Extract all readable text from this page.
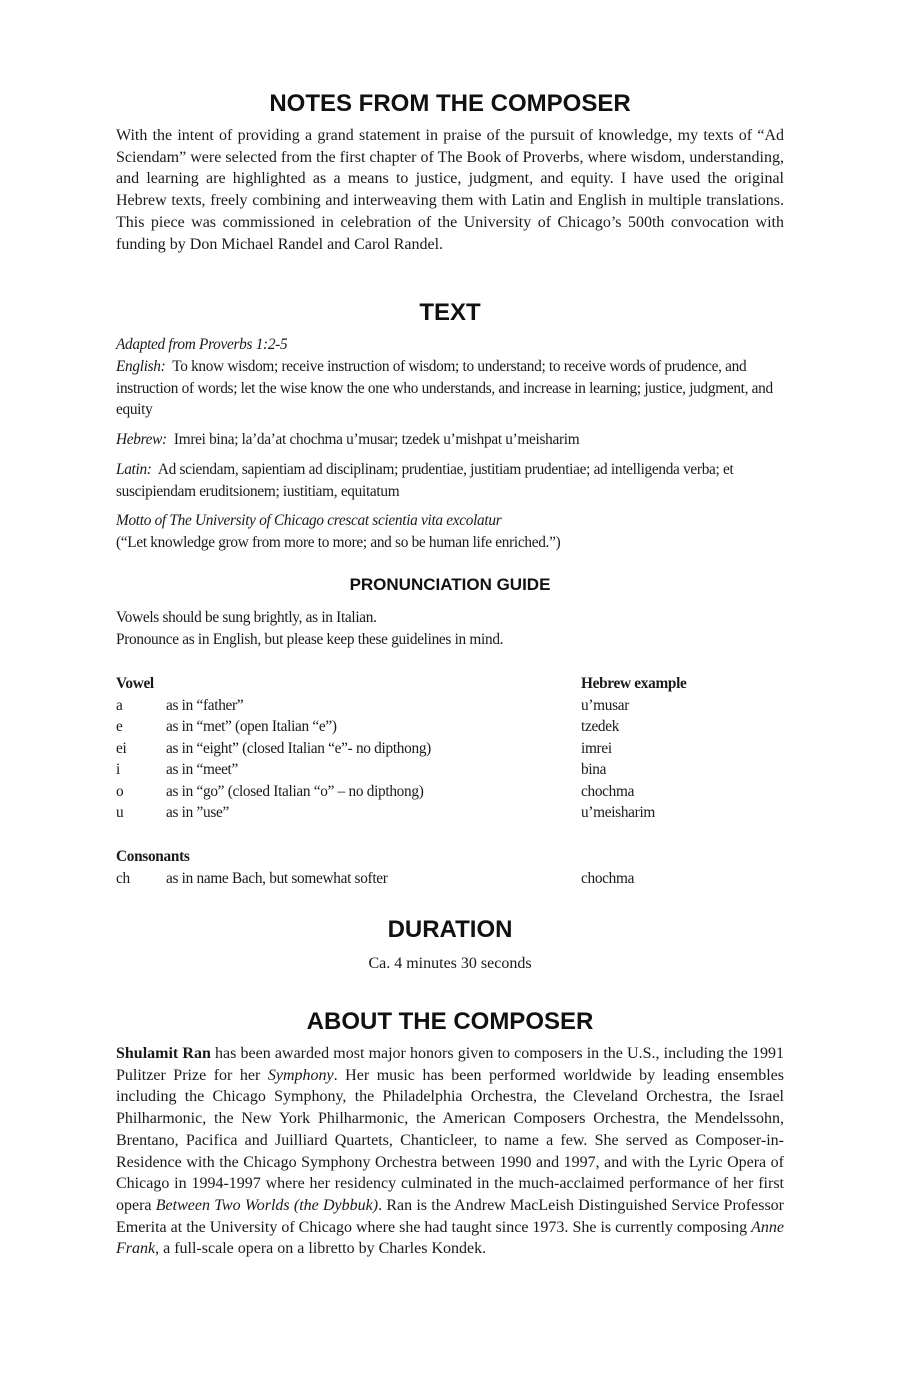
NOTES FROM THE COMPOSER

With the intent of providing a grand statement in praise of the pursuit of knowledge, my texts of “Ad Sciendam” were selected from the first chapter of The Book of Proverbs, where wisdom, understanding, and learning are highlighted as a means to justice, judgment, and equity. I have used the original Hebrew texts, freely combining and interweaving them with Latin and English in multiple translations. This piece was commissioned in celebration of the University of Chicago’s 500th convocation with funding by Don Michael Randel and Carol Randel.

TEXT

Adapted from Proverbs 1:2-5

English: To know wisdom; receive instruction of wisdom; to understand; to receive words of prudence, and instruction of words; let the wise know the one who understands, and increase in learning; justice, judgment, and equity

Hebrew: Imrei bina; la’da’at chochma u’musar; tzedek u’mishpat u’meisharim

Latin: Ad sciendam, sapientiam ad disciplinam; prudentiae, justitiam prudentiae; ad intelligenda verba; et suscipiendam eruditsionem; iustitiam, equitatum

Motto of The University of Chicago crescat scientia vita excolatur

(“Let knowledge grow from more to more; and so be human life enriched.”)

PRONUNCIATION GUIDE

Vowels should be sung brightly, as in Italian.

Pronounce as in English, but please keep these guidelines in mind.

Vowel		Hebrew example
a	as in “father”	u’musar
e	as in “met” (open Italian “e”)	tzedek
ei	as in “eight” (closed Italian “e”- no dipthong)	imrei
i	as in “meet”	bina
o	as in “go” (closed Italian “o” – no dipthong)	chochma
u	as in ”use”	u’meisharim
Consonants
ch	as in name Bach, but somewhat softer	chochma
DURATION

Ca. 4 minutes 30 seconds

ABOUT THE COMPOSER

Shulamit Ran has been awarded most major honors given to composers in the U.S., including the 1991 Pulitzer Prize for her Symphony. Her music has been performed worldwide by leading ensembles including the Chicago Symphony, the Philadelphia Orchestra, the Cleveland Orchestra, the Israel Philharmonic, the New York Philharmonic, the American Composers Orchestra, the Mendelssohn, Brentano, Pacifica and Juilliard Quartets, Chanticleer, to name a few. She served as Composer-in-Residence with the Chicago Symphony Orchestra between 1990 and 1997, and with the Lyric Opera of Chicago in 1994-1997 where her residency culminated in the much-acclaimed performance of her first opera Between Two Worlds (the Dybbuk). Ran is the Andrew MacLeish Distinguished Service Professor Emerita at the University of Chicago where she had taught since 1973. She is currently composing Anne Frank, a full-scale opera on a libretto by Charles Kondek.
